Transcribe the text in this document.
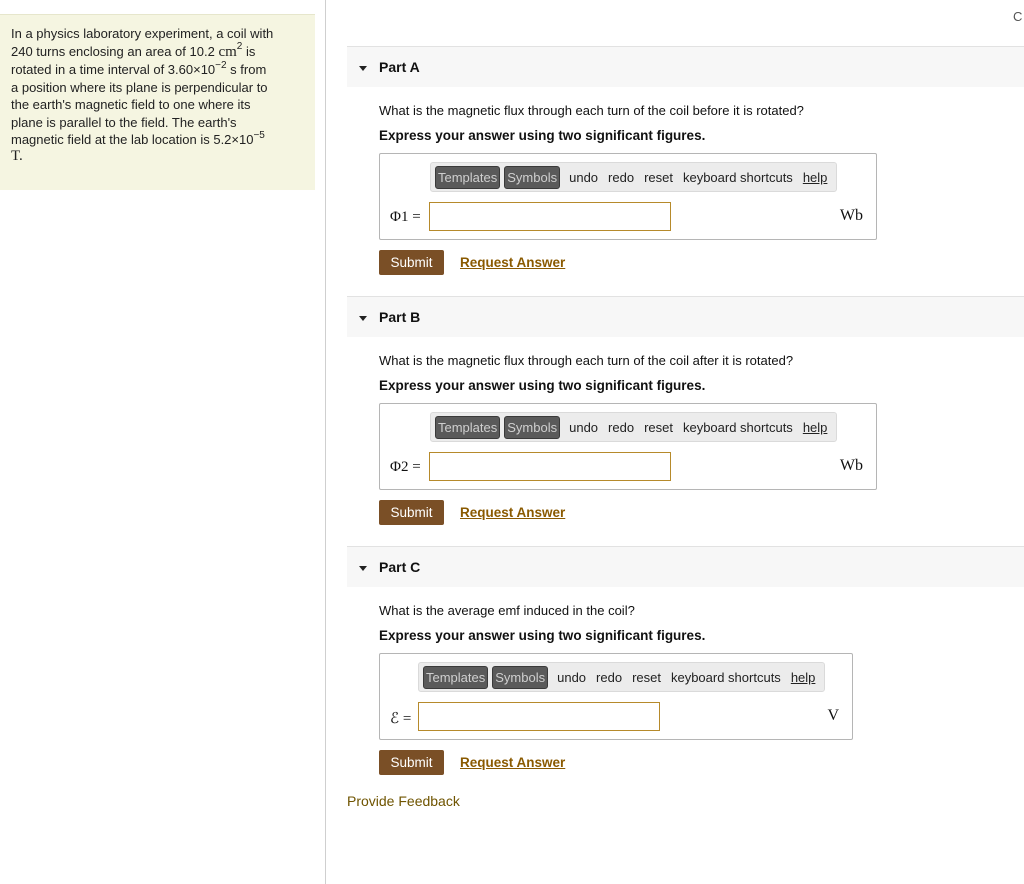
In a physics laboratory experiment, a coil with
240 turns enclosing an area of 10.2 $cm^2$ is
rotated in a time interval of $3.60\times 10^{-2}$ s from
a position where its plane is perpendicular to
the earth's magnetic field to one where its
plane is parallel to the field. The earth's
magnetic field at the lab location is $5.2\times 10^{-5}$
T.
C
Part A
What is the magnetic flux through each turn of the coil before it is rotated?
Express your answer using two significant figures.
Templates Symbols undo redo reset keyboard shortcuts help
Φ1 =	Wb
Submit	Request Answer
Part B
What is the magnetic flux through each turn of the coil after it is rotated?
Express your answer using two significant figures.
Templates Symbols undo redo reset keyboard shortcuts help
Φ2 =	Wb
Submit	Request Answer
Part C
What is the average emf induced in the coil?
Express your answer using two significant figures.
Templates Symbols undo redo reset keyboard shortcuts help
ℰ =	V
Submit	Request Answer
Provide Feedback
